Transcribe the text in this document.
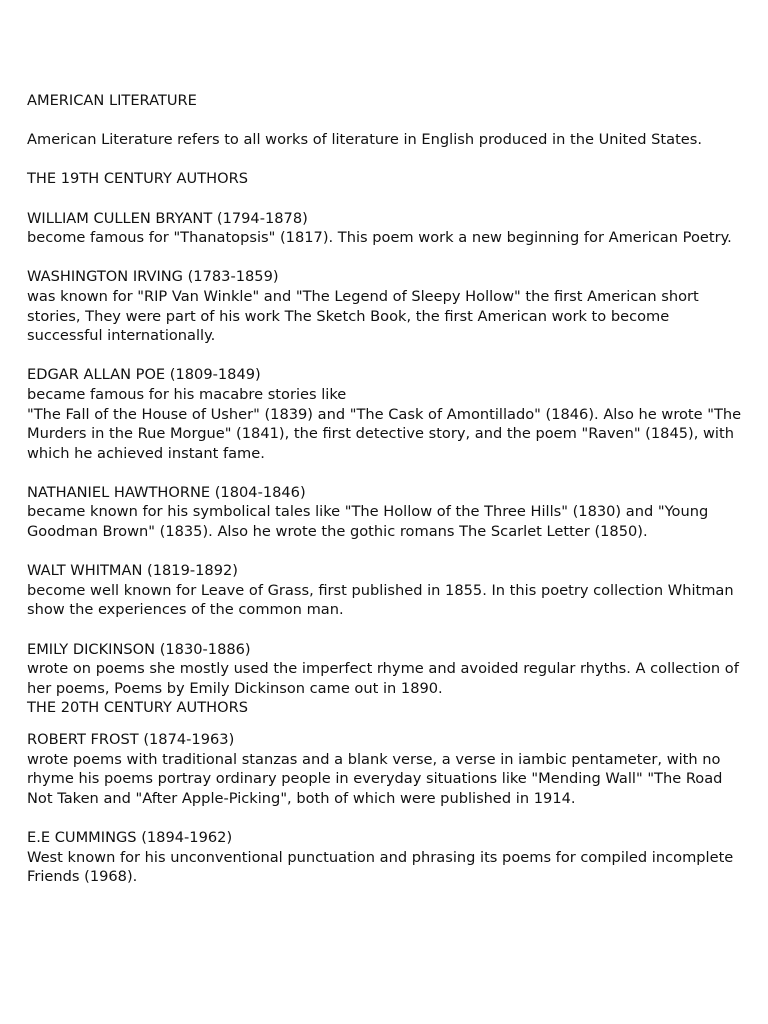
AMERICAN LITERATURE
American Literature refers to all works of literature in English produced in the United States.
THE 19TH CENTURY AUTHORS
WILLIAM CULLEN BRYANT (1794-1878)
become famous for "Thanatopsis" (1817). This poem work a new beginning for American Poetry.
WASHINGTON IRVING (1783-1859)
was known for "RIP Van Winkle" and "The Legend of Sleepy Hollow" the first American short stories, They were part of his work The Sketch Book, the first American work to become successful internationally.
EDGAR ALLAN POE (1809-1849)
became famous for his macabre stories like
"The Fall of the House of Usher" (1839) and "The Cask of Amontillado" (1846). Also he wrote "The Murders in the Rue Morgue" (1841), the first detective story, and the poem "Raven" (1845), with which he achieved instant fame.
NATHANIEL HAWTHORNE (1804-1846)
became known for his symbolical tales like "The Hollow of the Three Hills" (1830) and "Young Goodman Brown" (1835). Also he wrote the gothic romans The Scarlet Letter (1850).
WALT WHITMAN (1819-1892)
become well known for Leave of Grass, first published in 1855. In this poetry collection Whitman show the experiences of the common man.
EMILY DICKINSON (1830-1886)
wrote on poems she mostly used the imperfect rhyme and avoided regular rhyths. A collection of her poems, Poems by Emily Dickinson came out in 1890.
THE 20TH CENTURY AUTHORS
ROBERT FROST (1874-1963)
wrote poems with traditional stanzas and a blank verse, a verse in iambic pentameter, with no rhyme his poems portray ordinary people in everyday situations like "Mending Wall" "The Road Not Taken and "After Apple-Picking", both of which were published in 1914.
E.E CUMMINGS (1894-1962)
West known for his unconventional punctuation and phrasing its poems for compiled incomplete Friends (1968).
